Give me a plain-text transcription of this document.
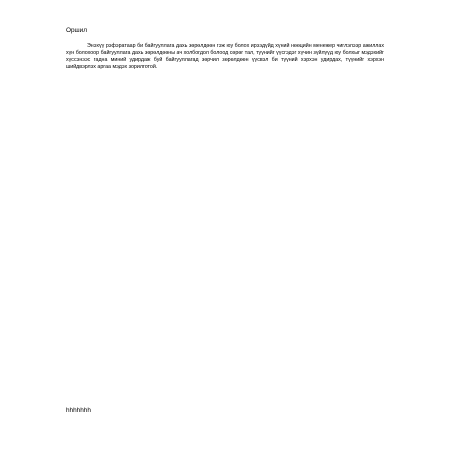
Оршил

Энэхүү рэфэратаар би байгууллага дахь зөрөлдөөн гэж юу болох ирээдүйд хүний нөөцийн менежер чиглэлээр ажиллах хүн болохоор байгууллага дахь зөрөлдөөны ач холбогдол болоод сөрөг тал, түүнийг үүсгэдэг хүчин зүйлүүд юу болхыг мэдэхийг хүссэнээс гадна миний удирдаж буй байгууллагад зөрчил зөрөлдөөн үүсвэл би түүний хэрхэн удирдах, түүнийг хэрхэн шийдвэрлэх аргаа мэдэх зорилготой.

hhhhhhh
